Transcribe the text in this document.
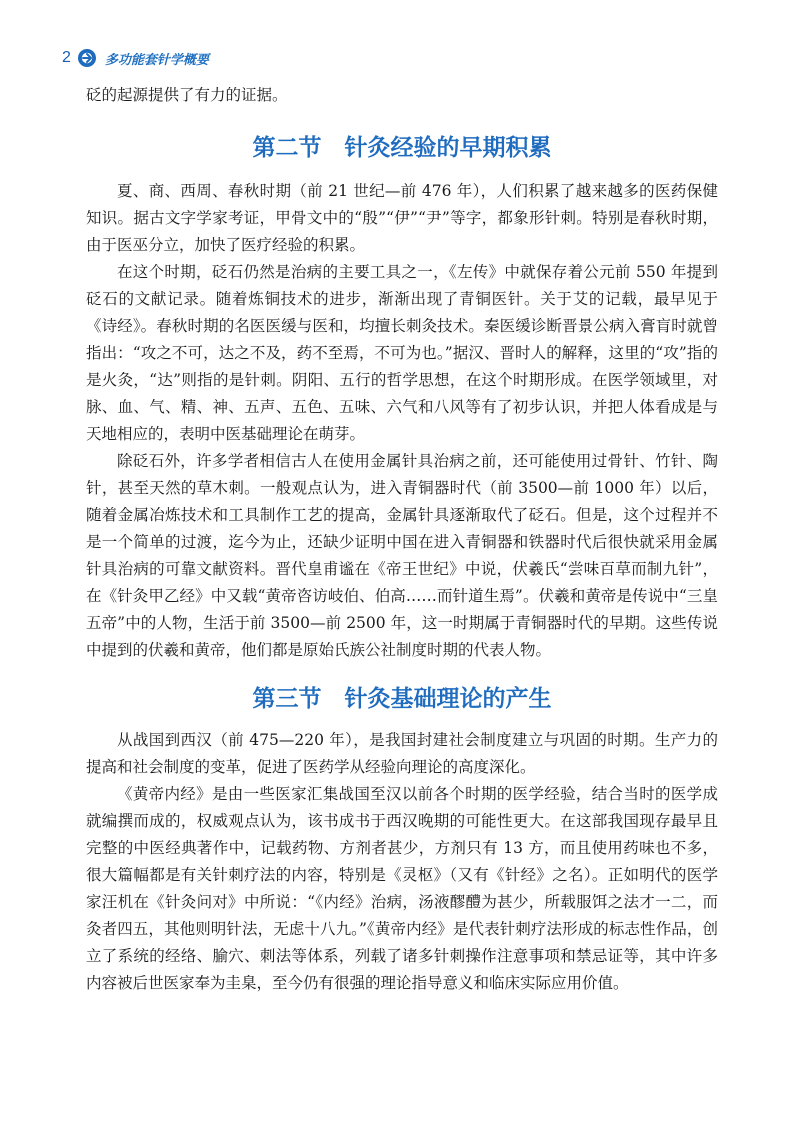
2	多功能套针学概要

砭的起源提供了有力的证据。

第二节　针灸经验的早期积累

夏、商、西周、春秋时期（前 21 世纪—前 476 年），人们积累了越来越多的医药保健知识。据古文字学家考证，甲骨文中的“殷”“伊”“尹”等字，都象形针刺。特别是春秋时期，由于医巫分立，加快了医疗经验的积累。

在这个时期，砭石仍然是治病的主要工具之一，《左传》中就保存着公元前 550 年提到砭石的文献记录。随着炼铜技术的进步，渐渐出现了青铜医针。关于艾的记载，最早见于《诗经》。春秋时期的名医医缓与医和，均擅长刺灸技术。秦医缓诊断晋景公病入膏肓时就曾指出：“攻之不可，达之不及，药不至焉，不可为也。”据汉、晋时人的解释，这里的“攻”指的是火灸，“达”则指的是针刺。阴阳、五行的哲学思想，在这个时期形成。在医学领域里，对脉、血、气、精、神、五声、五色、五味、六气和八风等有了初步认识，并把人体看成是与天地相应的，表明中医基础理论在萌芽。

除砭石外，许多学者相信古人在使用金属针具治病之前，还可能使用过骨针、竹针、陶针，甚至天然的草木刺。一般观点认为，进入青铜器时代（前 3500—前 1000 年）以后，随着金属冶炼技术和工具制作工艺的提高，金属针具逐渐取代了砭石。但是，这个过程并不是一个简单的过渡，迄今为止，还缺少证明中国在进入青铜器和铁器时代后很快就采用金属针具治病的可靠文献资料。晋代皇甫谧在《帝王世纪》中说，伏羲氏“尝味百草而制九针”，在《针灸甲乙经》中又载“黄帝咨访岐伯、伯高……而针道生焉”。伏羲和黄帝是传说中“三皇五帝”中的人物，生活于前 3500—前 2500 年，这一时期属于青铜器时代的早期。这些传说中提到的伏羲和黄帝，他们都是原始氏族公社制度时期的代表人物。

第三节　针灸基础理论的产生

从战国到西汉（前 475—220 年），是我国封建社会制度建立与巩固的时期。生产力的提高和社会制度的变革，促进了医药学从经验向理论的高度深化。

《黄帝内经》是由一些医家汇集战国至汉以前各个时期的医学经验，结合当时的医学成就编撰而成的，权威观点认为，该书成书于西汉晚期的可能性更大。在这部我国现存最早且完整的中医经典著作中，记载药物、方剂者甚少，方剂只有 13 方，而且使用药味也不多，很大篇幅都是有关针刺疗法的内容，特别是《灵枢》（又有《针经》之名）。正如明代的医学家汪机在《针灸问对》中所说：“《内经》治病，汤液醪醴为甚少，所载服饵之法才一二，而灸者四五，其他则明针法，无虑十八九。”《黄帝内经》是代表针刺疗法形成的标志性作品，创立了系统的经络、腧穴、刺法等体系，列载了诸多针刺操作注意事项和禁忌证等，其中许多内容被后世医家奉为圭臬，至今仍有很强的理论指导意义和临床实际应用价值。
